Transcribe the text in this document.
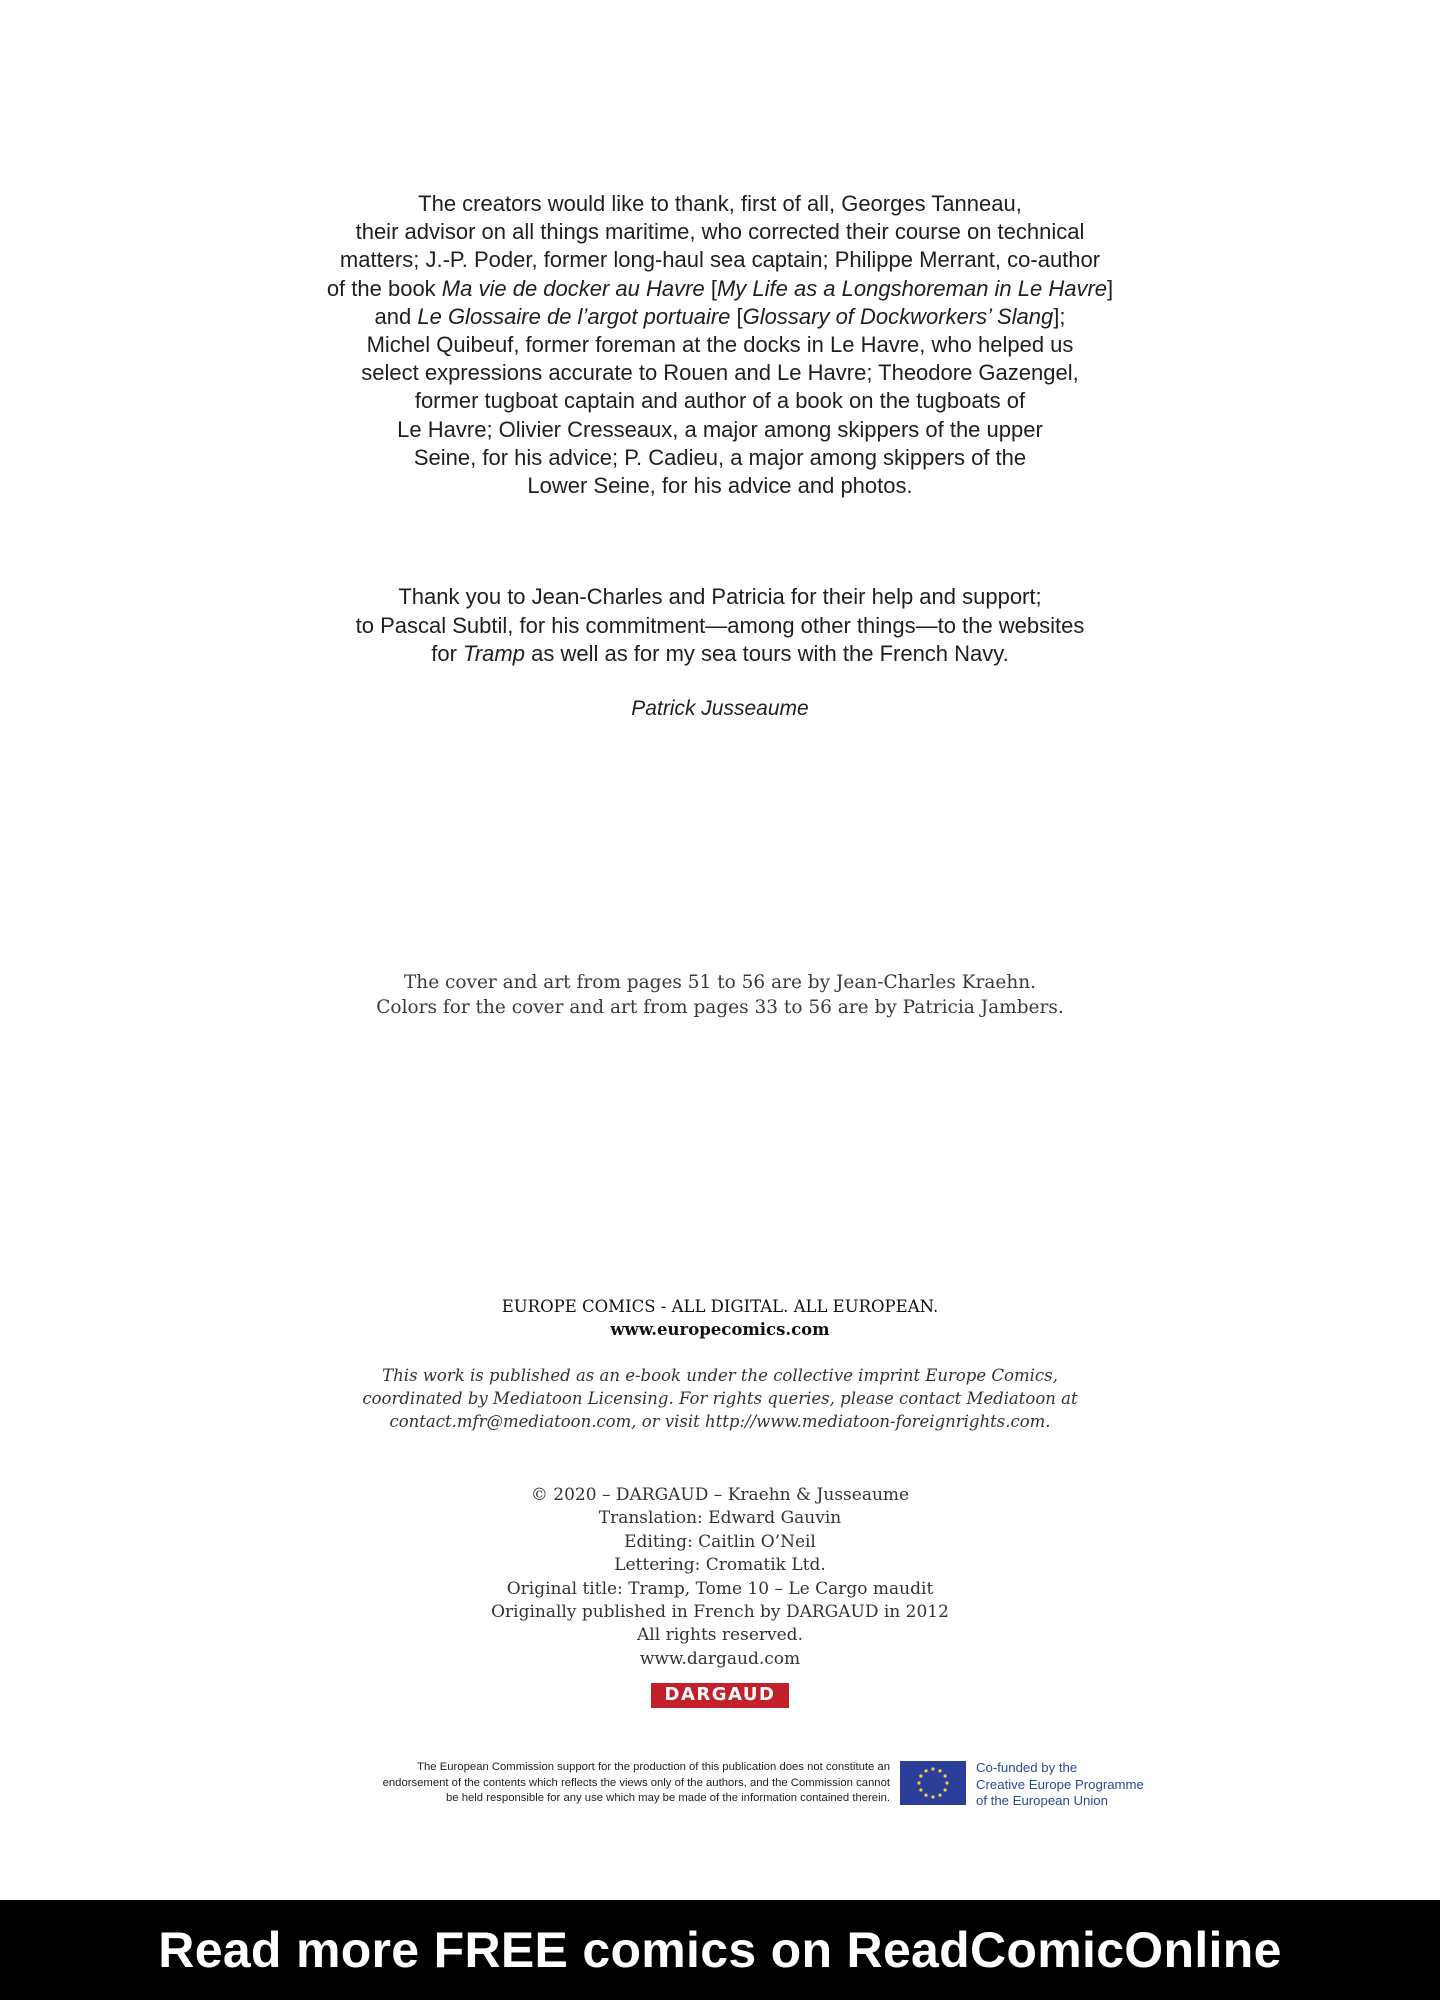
The creators would like to thank, first of all, Georges Tanneau,

their advisor on all things maritime, who corrected their course on technical

matters; J.-P. Poder, former long-haul sea captain; Philippe Merrant, co-author

of the book Ma vie de docker au Havre [My Life as a Longshoreman in Le Havre]

and Le Glossaire de l’argot portuaire [Glossary of Dockworkers’ Slang];

Michel Quibeuf, former foreman at the docks in Le Havre, who helped us

select expressions accurate to Rouen and Le Havre; Theodore Gazengel,

former tugboat captain and author of a book on the tugboats of

Le Havre; Olivier Cresseaux, a major among skippers of the upper

Seine, for his advice; P. Cadieu, a major among skippers of the

Lower Seine, for his advice and photos.

Thank you to Jean-Charles and Patricia for their help and support;

to Pascal Subtil, for his commitment—among other things—to the websites

for Tramp as well as for my sea tours with the French Navy.

Patrick Jusseaume

The cover and art from pages 51 to 56 are by Jean-Charles Kraehn.

Colors for the cover and art from pages 33 to 56 are by Patricia Jambers.

EUROPE COMICS - ALL DIGITAL. ALL EUROPEAN.

www.europecomics.com

This work is published as an e-book under the collective imprint Europe Comics,

coordinated by Mediatoon Licensing. For rights queries, please contact Mediatoon at

contact.mfr@mediatoon.com, or visit http://www.mediatoon-foreignrights.com.

© 2020 – DARGAUD – Kraehn & Jusseaume

Translation: Edward Gauvin

Editing: Caitlin O’Neil

Lettering: Cromatik Ltd.

Original title: Tramp, Tome 10 – Le Cargo maudit

Originally published in French by DARGAUD in 2012

All rights reserved.

www.dargaud.com

DARGAUD
The European Commission support for the production of this publication does not constitute an
endorsement of the contents which reflects the views only of the authors, and the Commission cannot
be held responsible for any use which may be made of the information contained therein.
Co-funded by the
Creative Europe Programme
of the European Union
Read more FREE comics on ReadComicOnline
